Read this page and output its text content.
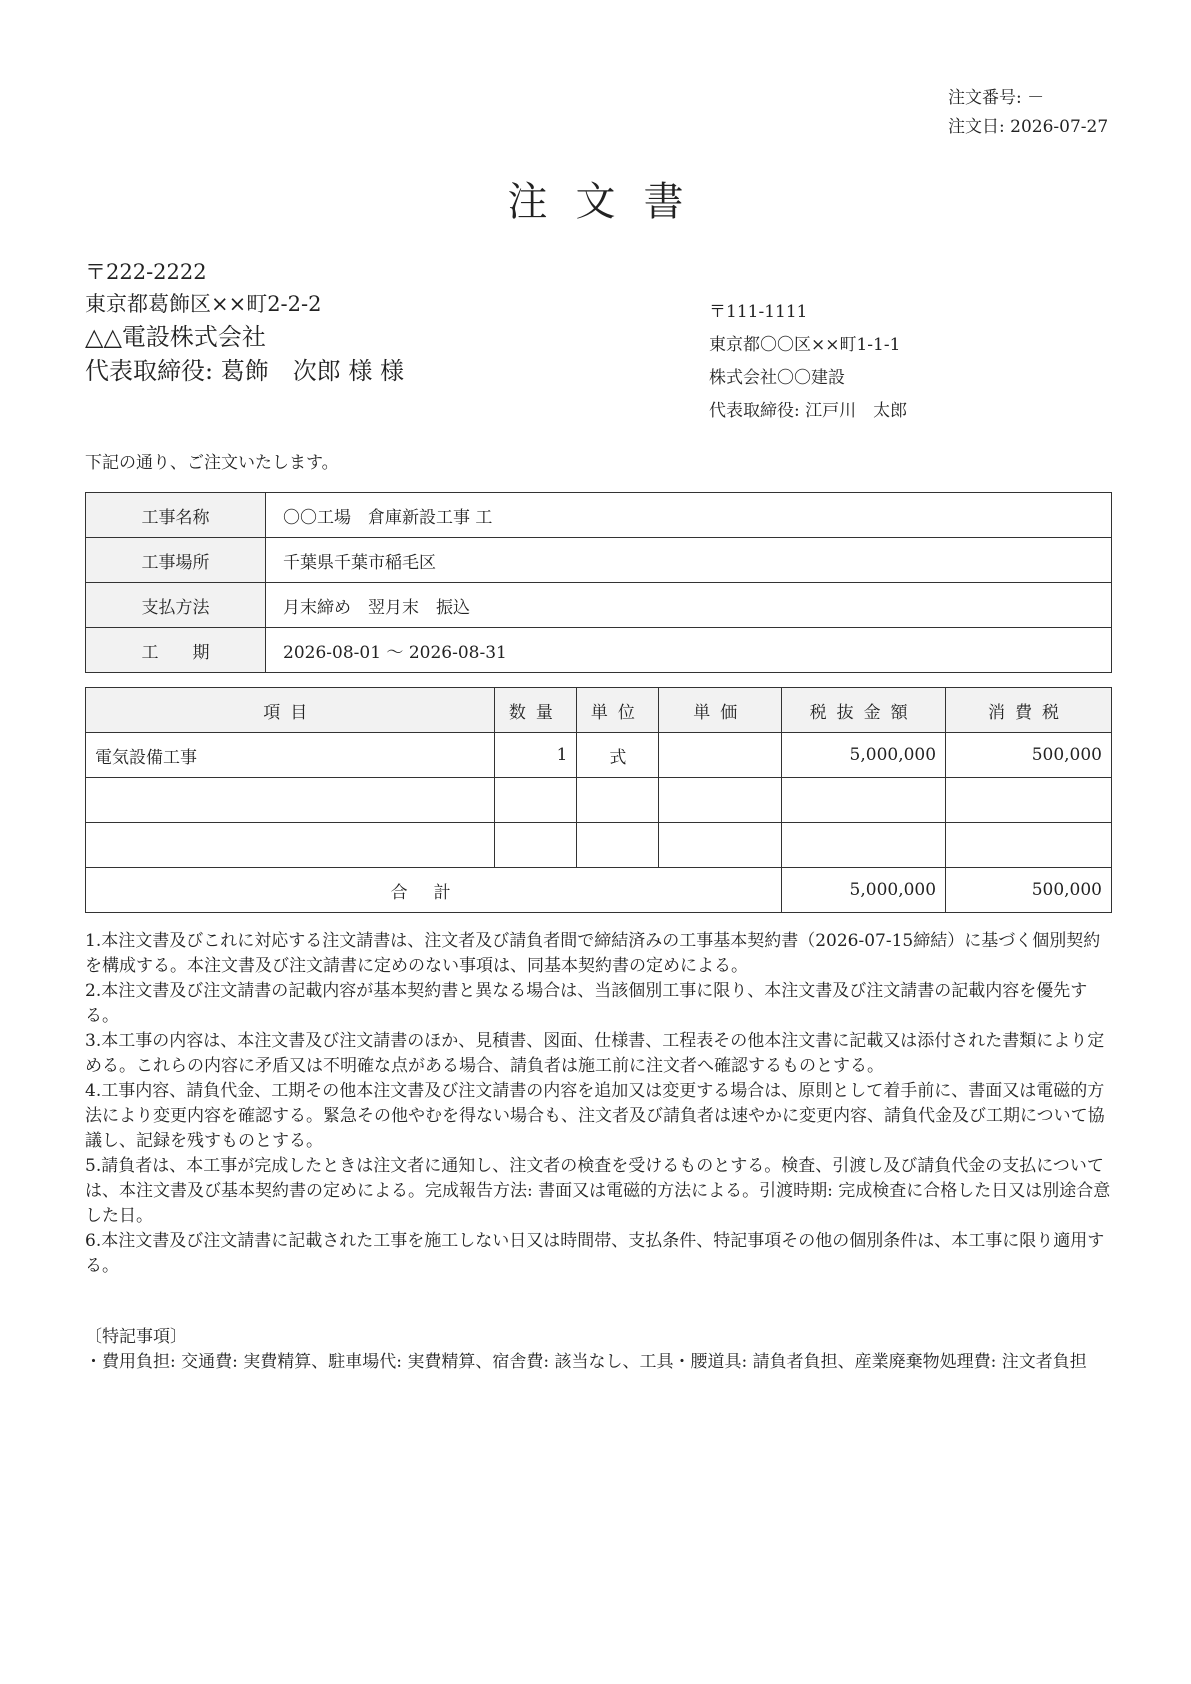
注文番号: －
注文日: 2026-07-27
注文書
〒222-2222
東京都葛飾区××町2-2-2
△△電設株式会社
代表取締役: 葛飾　次郎 様 様
〒111-1111
東京都〇〇区××町1-1-1
株式会社〇〇建設
代表取締役: 江戸川　太郎
下記の通り、ご注文いたします。
工事名称	〇〇工場　倉庫新設工事 工
工事場所	千葉県千葉市稲毛区
支払方法	月末締め　翌月末　振込
工　　期	2026-08-01 ～ 2026-08-31
項目	数量	単位	単価	税抜金額	消費税
電気設備工事	1	式		5,000,000	500,000

合計				5,000,000	500,000

1.本注文書及びこれに対応する注文請書は、注文者及び請負者間で締結済みの工事基本契約書（2026-07-15締結）に基づく個別契約を構成する。本注文書及び注文請書に定めのない事項は、同基本契約書の定めによる。

2.本注文書及び注文請書の記載内容が基本契約書と異なる場合は、当該個別工事に限り、本注文書及び注文請書の記載内容を優先する。

3.本工事の内容は、本注文書及び注文請書のほか、見積書、図面、仕様書、工程表その他本注文書に記載又は添付された書類により定める。これらの内容に矛盾又は不明確な点がある場合、請負者は施工前に注文者へ確認するものとする。

4.工事内容、請負代金、工期その他本注文書及び注文請書の内容を追加又は変更する場合は、原則として着手前に、書面又は電磁的方法により変更内容を確認する。緊急その他やむを得ない場合も、注文者及び請負者は速やかに変更内容、請負代金及び工期について協議し、記録を残すものとする。

5.請負者は、本工事が完成したときは注文者に通知し、注文者の検査を受けるものとする。検査、引渡し及び請負代金の支払については、本注文書及び基本契約書の定めによる。完成報告方法: 書面又は電磁的方法による。引渡時期: 完成検査に合格した日又は別途合意した日。

6.本注文書及び注文請書に記載された工事を施工しない日又は時間帯、支払条件、特記事項その他の個別条件は、本工事に限り適用する。

〔特記事項〕
・費用負担: 交通費: 実費精算、駐車場代: 実費精算、宿舎費: 該当なし、工具・腰道具: 請負者負担、産業廃棄物処理費: 注文者負担
